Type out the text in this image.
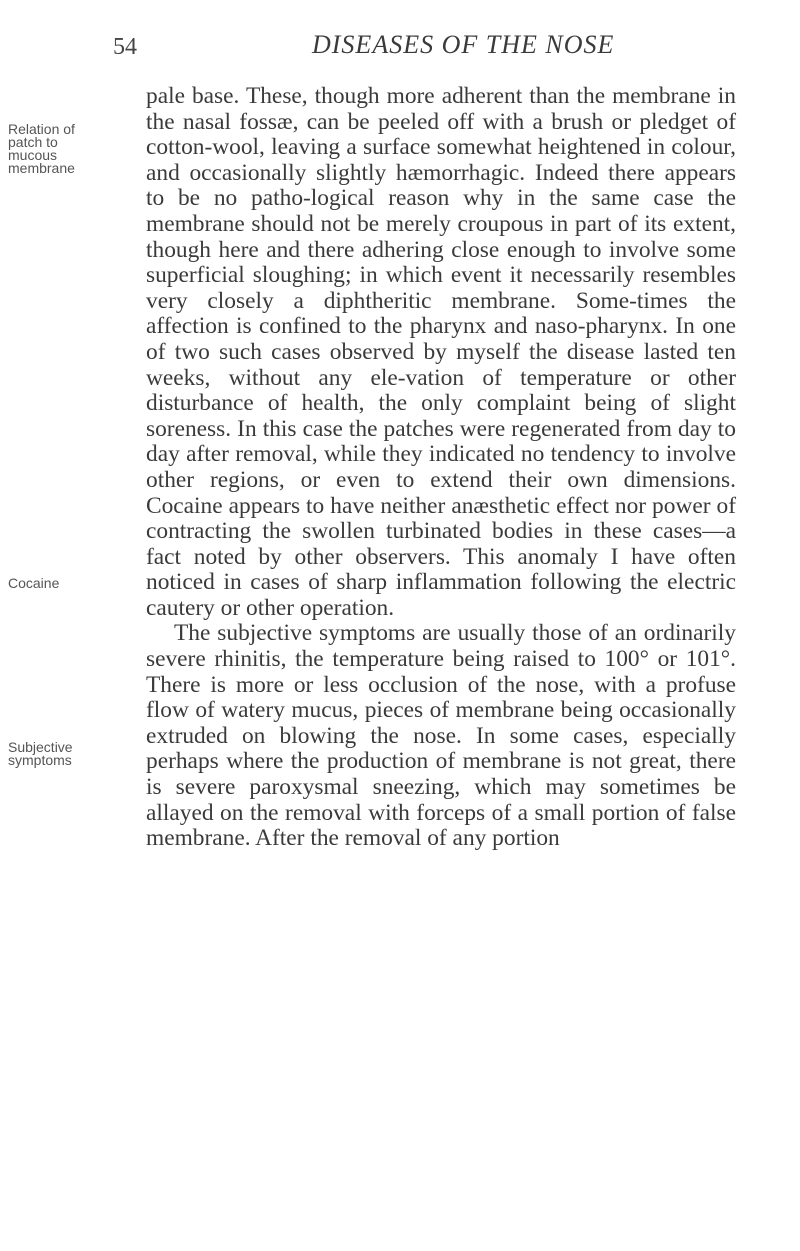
54	DISEASES OF THE NOSE
Relation of
patch to
mucous
membrane
Cocaine
Subjective
symptoms

pale base. These, though more adherent than the membrane in the nasal fossæ, can be peeled off with a brush or pledget of cotton-wool, leaving a surface somewhat heightened in colour, and occasionally slightly hæmorrhagic. Indeed there appears to be no patho-logical reason why in the same case the membrane should not be merely croupous in part of its extent, though here and there adhering close enough to involve some superficial sloughing; in which event it necessarily resembles very closely a diphtheritic membrane. Some-times the affection is confined to the pharynx and naso-pharynx. In one of two such cases observed by myself the disease lasted ten weeks, without any ele-vation of temperature or other disturbance of health, the only complaint being of slight soreness. In this case the patches were regenerated from day to day after removal, while they indicated no tendency to involve other regions, or even to extend their own dimensions. Cocaine appears to have neither anæsthetic effect nor power of contracting the swollen turbinated bodies in these cases—a fact noted by other observers. This anomaly I have often noticed in cases of sharp inflammation following the electric cautery or other operation.

The subjective symptoms are usually those of an ordinarily severe rhinitis, the temperature being raised to 100° or 101°. There is more or less occlusion of the nose, with a profuse flow of watery mucus, pieces of membrane being occasionally extruded on blowing the nose. In some cases, especially perhaps where the production of membrane is not great, there is severe paroxysmal sneezing, which may sometimes be allayed on the removal with forceps of a small portion of false membrane. After the removal of any portion
